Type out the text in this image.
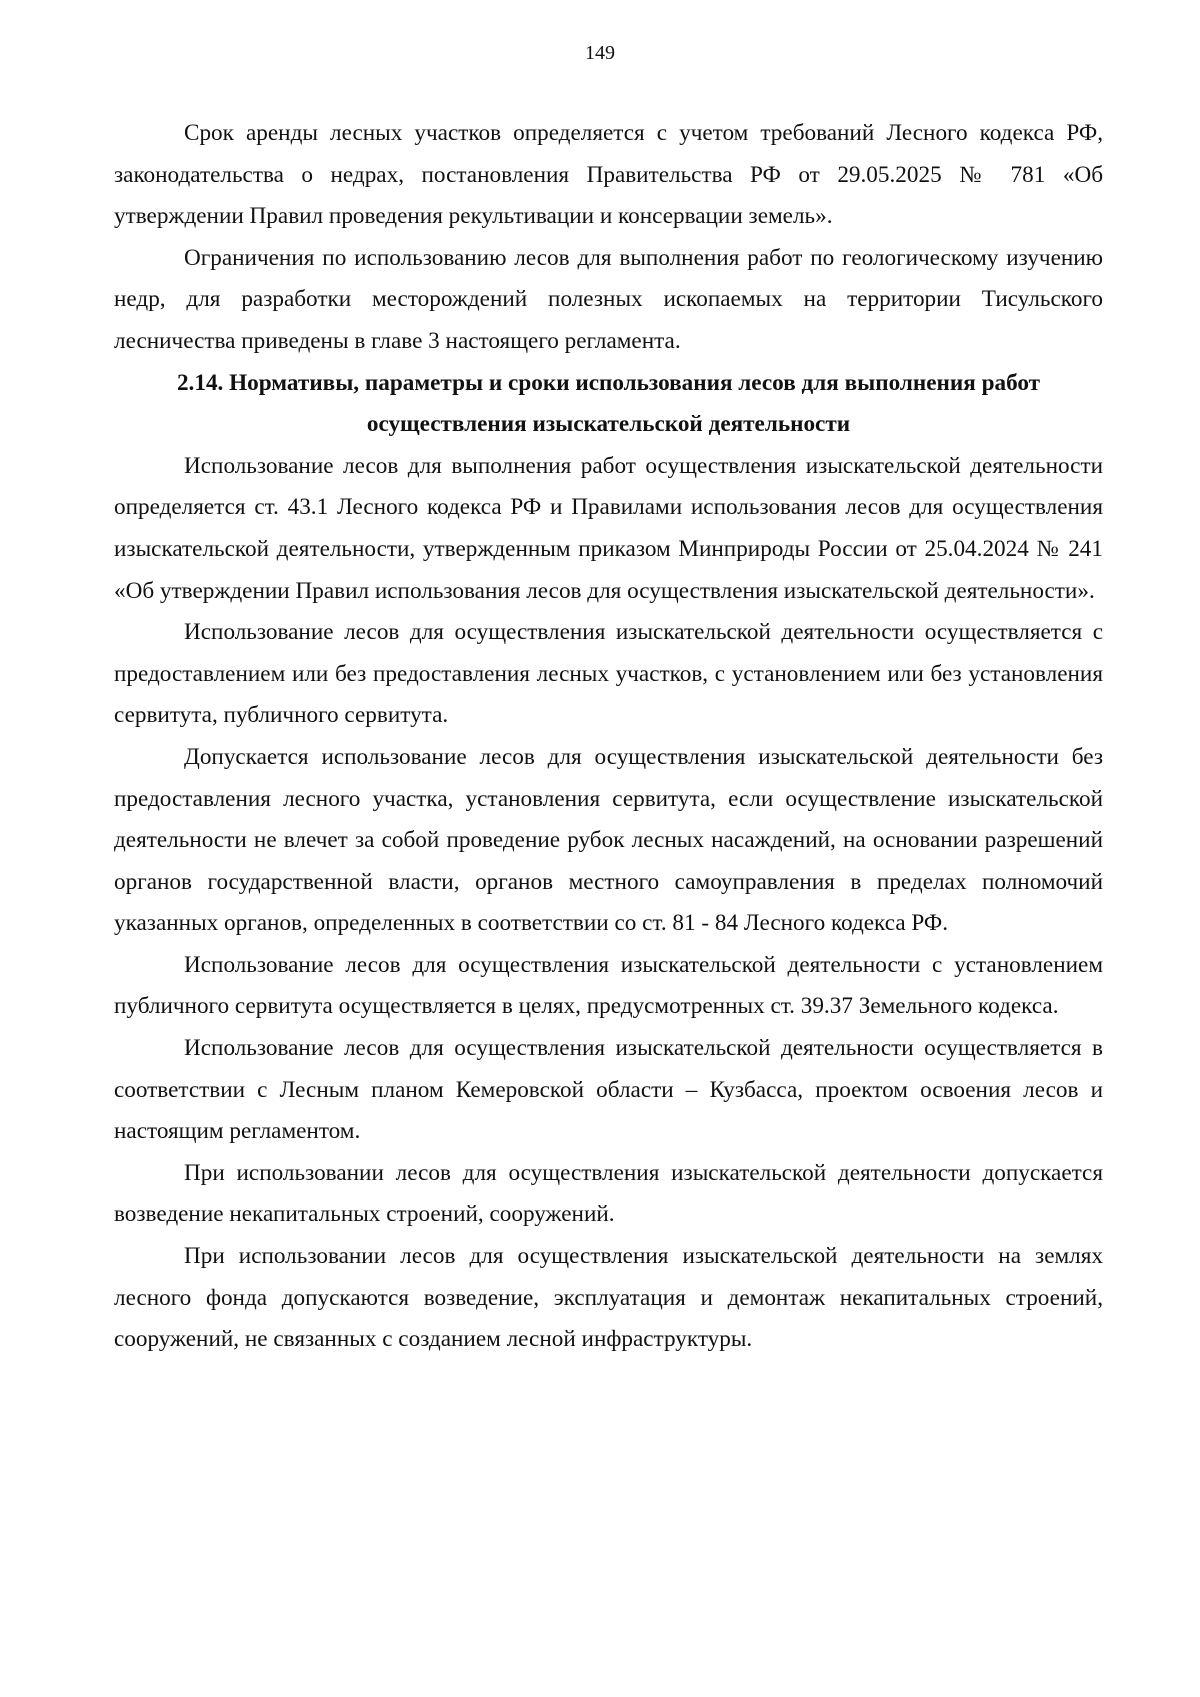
149

Срок аренды лесных участков определяется с учетом требований Лесного кодекса РФ, законодательства о недрах, постановления Правительства РФ от 29.05.2025 № 781 «Об утверждении Правил проведения рекультивации и консервации земель».

Ограничения по использованию лесов для выполнения работ по геологическому изучению недр, для разработки месторождений полезных ископаемых на территории Тисульского лесничества приведены в главе 3 настоящего регламента.

2.14. Нормативы, параметры и сроки использования лесов для выполнения работ осуществления изыскательской деятельности

Использование лесов для выполнения работ осуществления изыскательской деятельности определяется ст. 43.1 Лесного кодекса РФ и Правилами использования лесов для осуществления изыскательской деятельности, утвержденным приказом Минприроды России от 25.04.2024 № 241 «Об утверждении Правил использования лесов для осуществления изыскательской деятельности».

Использование лесов для осуществления изыскательской деятельности осуществляется с предоставлением или без предоставления лесных участков, с установлением или без установления сервитута, публичного сервитута.

Допускается использование лесов для осуществления изыскательской деятельности без предоставления лесного участка, установления сервитута, если осуществление изыскательской деятельности не влечет за собой проведение рубок лесных насаждений, на основании разрешений органов государственной власти, органов местного самоуправления в пределах полномочий указанных органов, определенных в соответствии со ст. 81 - 84 Лесного кодекса РФ.

Использование лесов для осуществления изыскательской деятельности с установлением публичного сервитута осуществляется в целях, предусмотренных ст. 39.37 Земельного кодекса.

Использование лесов для осуществления изыскательской деятельности осуществляется в соответствии с Лесным планом Кемеровской области – Кузбасса, проектом освоения лесов и настоящим регламентом.

При использовании лесов для осуществления изыскательской деятельности допускается возведение некапитальных строений, сооружений.

При использовании лесов для осуществления изыскательской деятельности на землях лесного фонда допускаются возведение, эксплуатация и демонтаж некапитальных строений, сооружений, не связанных с созданием лесной инфраструктуры.
